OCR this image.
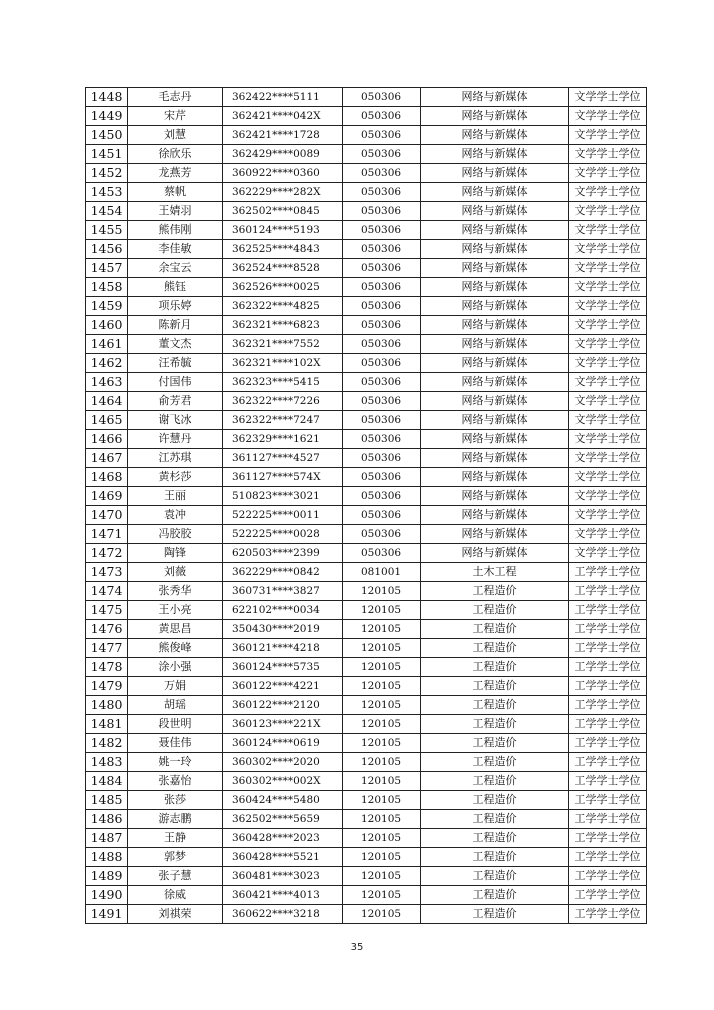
1448	毛志丹	362422****5111	050306	网络与新媒体	文学学士学位
1449	宋芹	362421****042X	050306	网络与新媒体	文学学士学位
1450	刘慧	362421****1728	050306	网络与新媒体	文学学士学位
1451	徐欣乐	362429****0089	050306	网络与新媒体	文学学士学位
1452	龙燕芳	360922****0360	050306	网络与新媒体	文学学士学位
1453	蔡帆	362229****282X	050306	网络与新媒体	文学学士学位
1454	王婧羽	362502****0845	050306	网络与新媒体	文学学士学位
1455	熊伟刚	360124****5193	050306	网络与新媒体	文学学士学位
1456	李佳敏	362525****4843	050306	网络与新媒体	文学学士学位
1457	余宝云	362524****8528	050306	网络与新媒体	文学学士学位
1458	熊钰	362526****0025	050306	网络与新媒体	文学学士学位
1459	项乐婷	362322****4825	050306	网络与新媒体	文学学士学位
1460	陈新月	362321****6823	050306	网络与新媒体	文学学士学位
1461	董文杰	362321****7552	050306	网络与新媒体	文学学士学位
1462	汪希毓	362321****102X	050306	网络与新媒体	文学学士学位
1463	付国伟	362323****5415	050306	网络与新媒体	文学学士学位
1464	俞芳君	362322****7226	050306	网络与新媒体	文学学士学位
1465	谢飞冰	362322****7247	050306	网络与新媒体	文学学士学位
1466	许慧丹	362329****1621	050306	网络与新媒体	文学学士学位
1467	江苏琪	361127****4527	050306	网络与新媒体	文学学士学位
1468	黄杉莎	361127****574X	050306	网络与新媒体	文学学士学位
1469	王丽	510823****3021	050306	网络与新媒体	文学学士学位
1470	袁冲	522225****0011	050306	网络与新媒体	文学学士学位
1471	冯胶胶	522225****0028	050306	网络与新媒体	文学学士学位
1472	陶锋	620503****2399	050306	网络与新媒体	文学学士学位
1473	刘薇	362229****0842	081001	土木工程	工学学士学位
1474	张秀华	360731****3827	120105	工程造价	工学学士学位
1475	王小亮	622102****0034	120105	工程造价	工学学士学位
1476	黄思昌	350430****2019	120105	工程造价	工学学士学位
1477	熊俊峰	360121****4218	120105	工程造价	工学学士学位
1478	涂小强	360124****5735	120105	工程造价	工学学士学位
1479	万娟	360122****4221	120105	工程造价	工学学士学位
1480	胡瑶	360122****2120	120105	工程造价	工学学士学位
1481	段世明	360123****221X	120105	工程造价	工学学士学位
1482	聂佳伟	360124****0619	120105	工程造价	工学学士学位
1483	姚一玲	360302****2020	120105	工程造价	工学学士学位
1484	张嘉怡	360302****002X	120105	工程造价	工学学士学位
1485	张莎	360424****5480	120105	工程造价	工学学士学位
1486	游志鹏	362502****5659	120105	工程造价	工学学士学位
1487	王静	360428****2023	120105	工程造价	工学学士学位
1488	郭梦	360428****5521	120105	工程造价	工学学士学位
1489	张子慧	360481****3023	120105	工程造价	工学学士学位
1490	徐威	360421****4013	120105	工程造价	工学学士学位
1491	刘祺荣	360622****3218	120105	工程造价	工学学士学位
35
